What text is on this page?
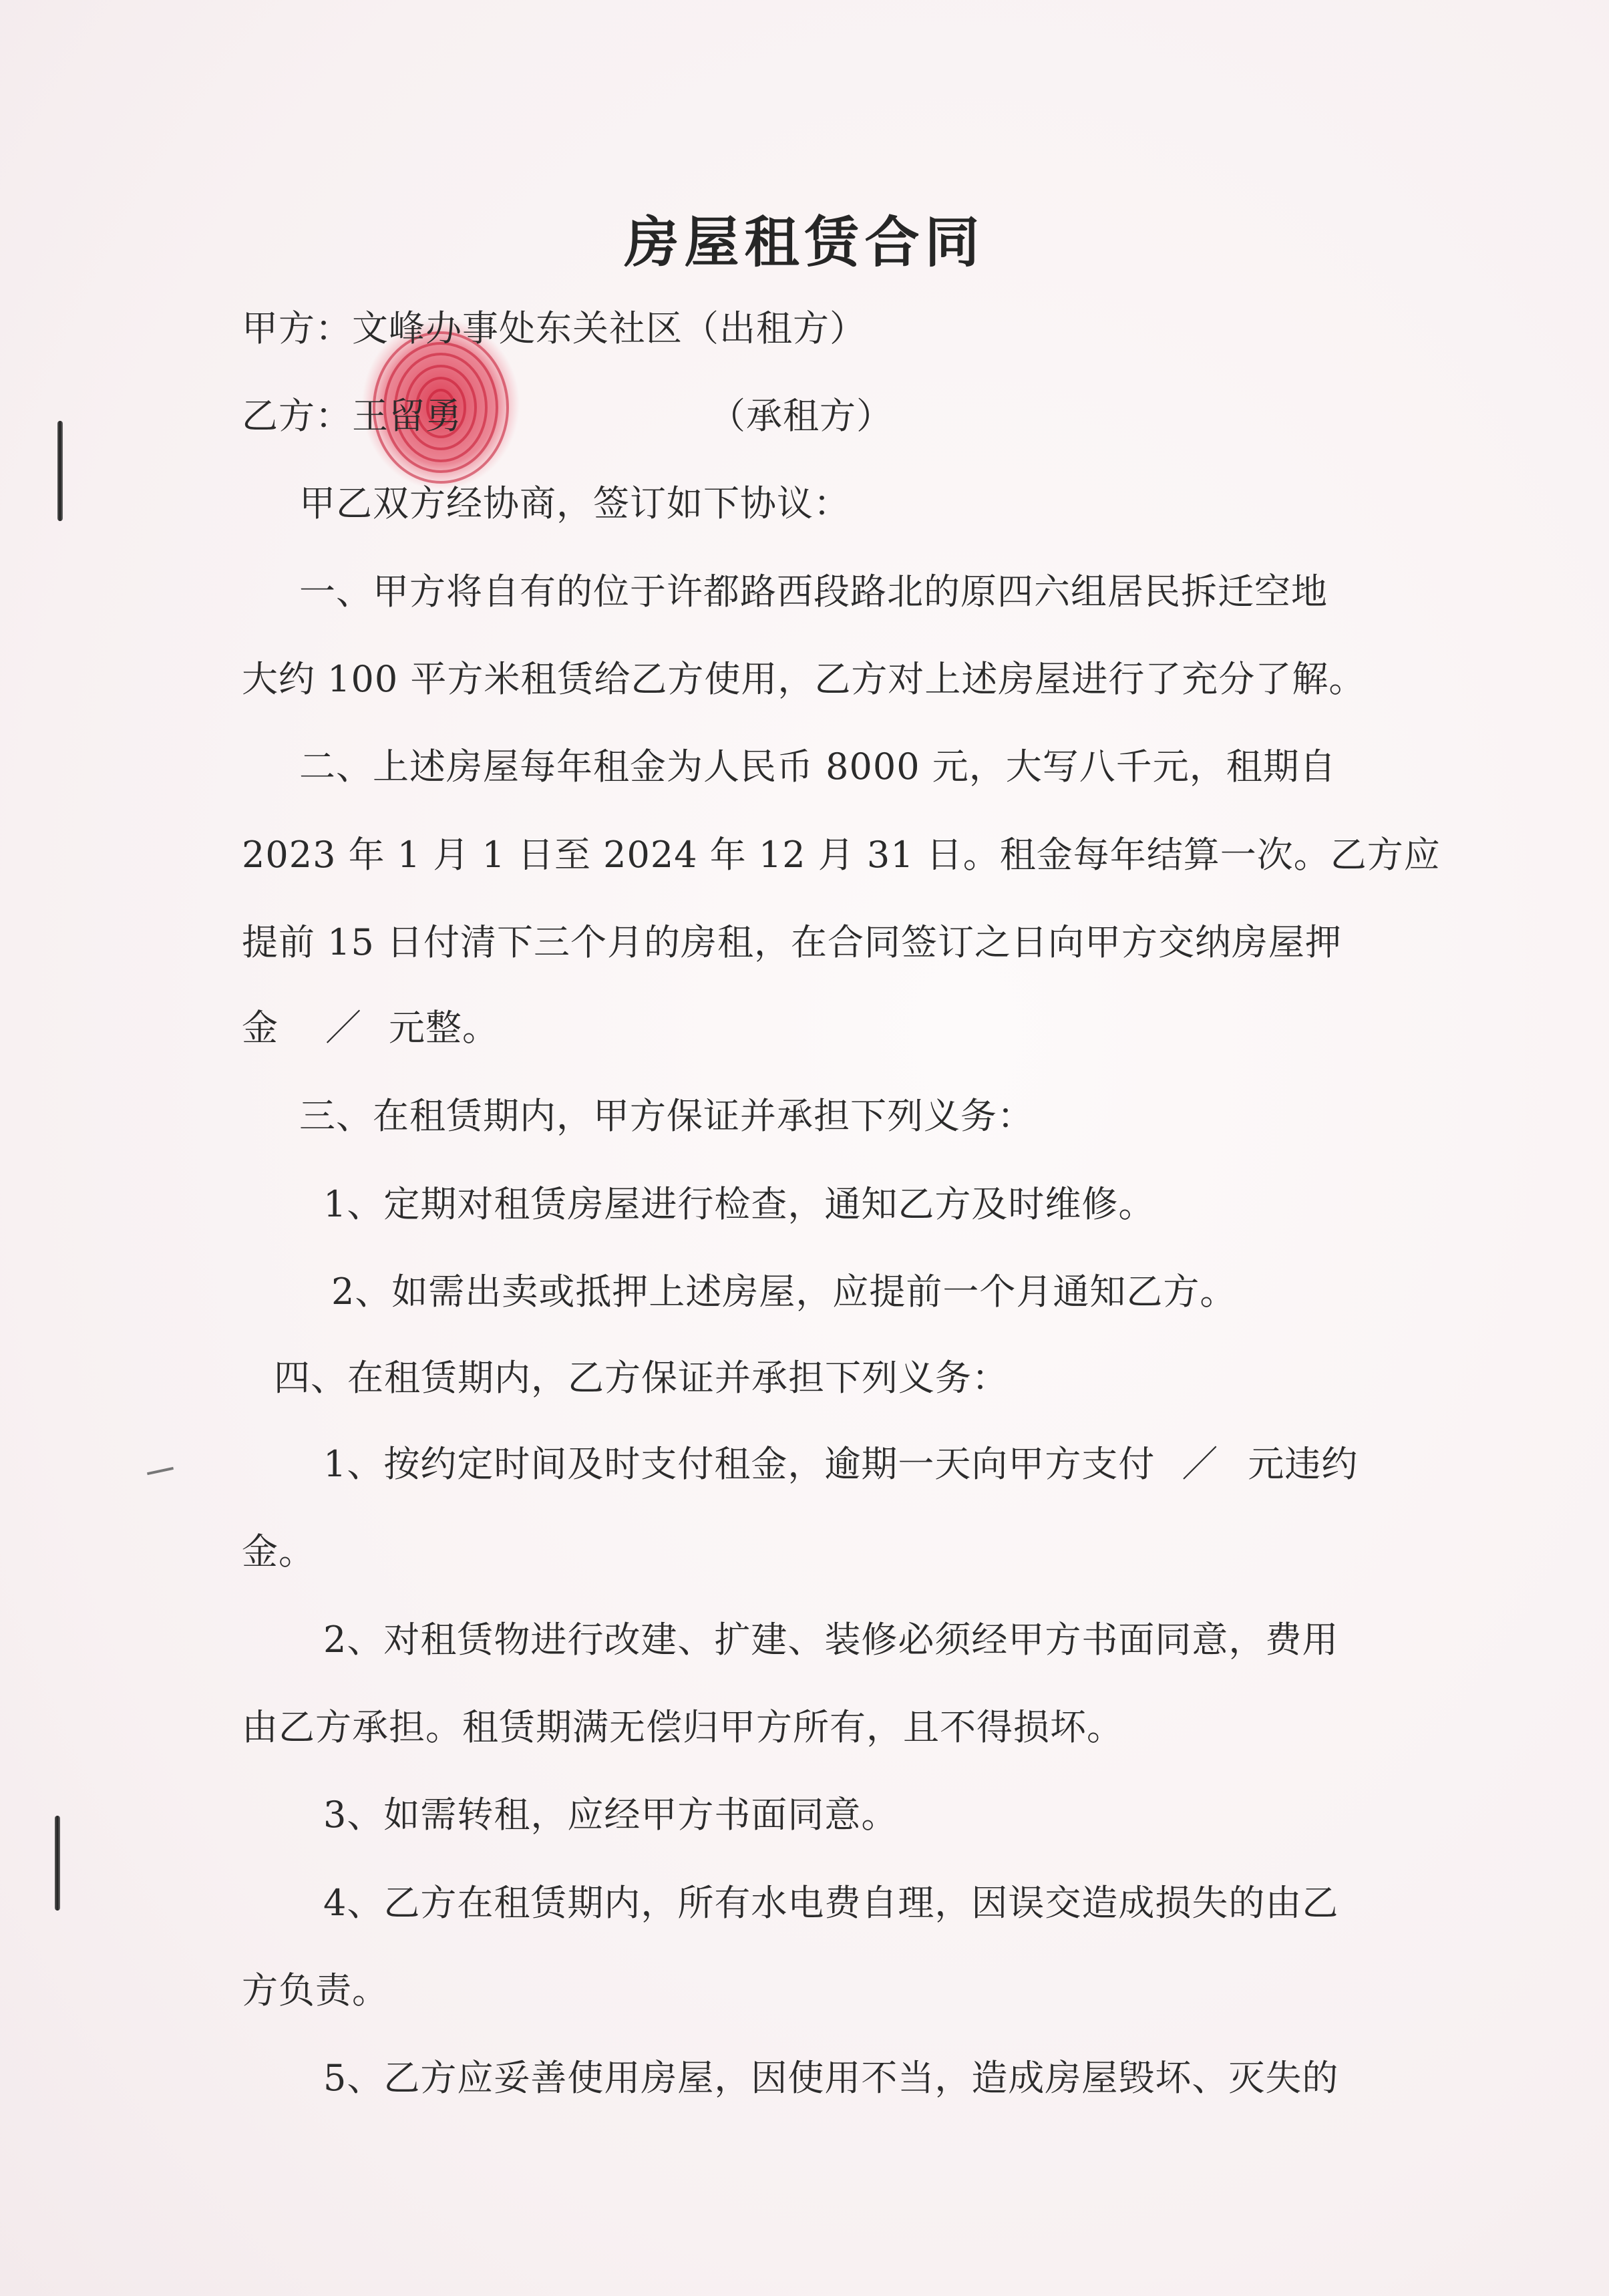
房屋租赁合同
甲方：文峰办事处东关社区（出租方）
乙方：王留勇	（承租方）
甲乙双方经协商，签订如下协议：
一、甲方将自有的位于许都路西段路北的原四六组居民拆迁空地
大约 100 平方米租赁给乙方使用，乙方对上述房屋进行了充分了解。
二、上述房屋每年租金为人民币 8000 元，大写八千元，租期自
2023 年 1 月 1 日至 2024 年 12 月 31 日。租金每年结算一次。乙方应
提前 15 日付清下三个月的房租，在合同签订之日向甲方交纳房屋押
金 ／ 元整。
三、在租赁期内，甲方保证并承担下列义务：
1、定期对租赁房屋进行检查，通知乙方及时维修。
2、如需出卖或抵押上述房屋，应提前一个月通知乙方。
四、在租赁期内，乙方保证并承担下列义务：
1、按约定时间及时支付租金，逾期一天向甲方支付 ／ 元违约
金。
2、对租赁物进行改建、扩建、装修必须经甲方书面同意，费用
由乙方承担。租赁期满无偿归甲方所有，且不得损坏。
3、如需转租，应经甲方书面同意。
4、乙方在租赁期内，所有水电费自理，因误交造成损失的由乙
方负责。
5、乙方应妥善使用房屋，因使用不当，造成房屋毁坏、灭失的
